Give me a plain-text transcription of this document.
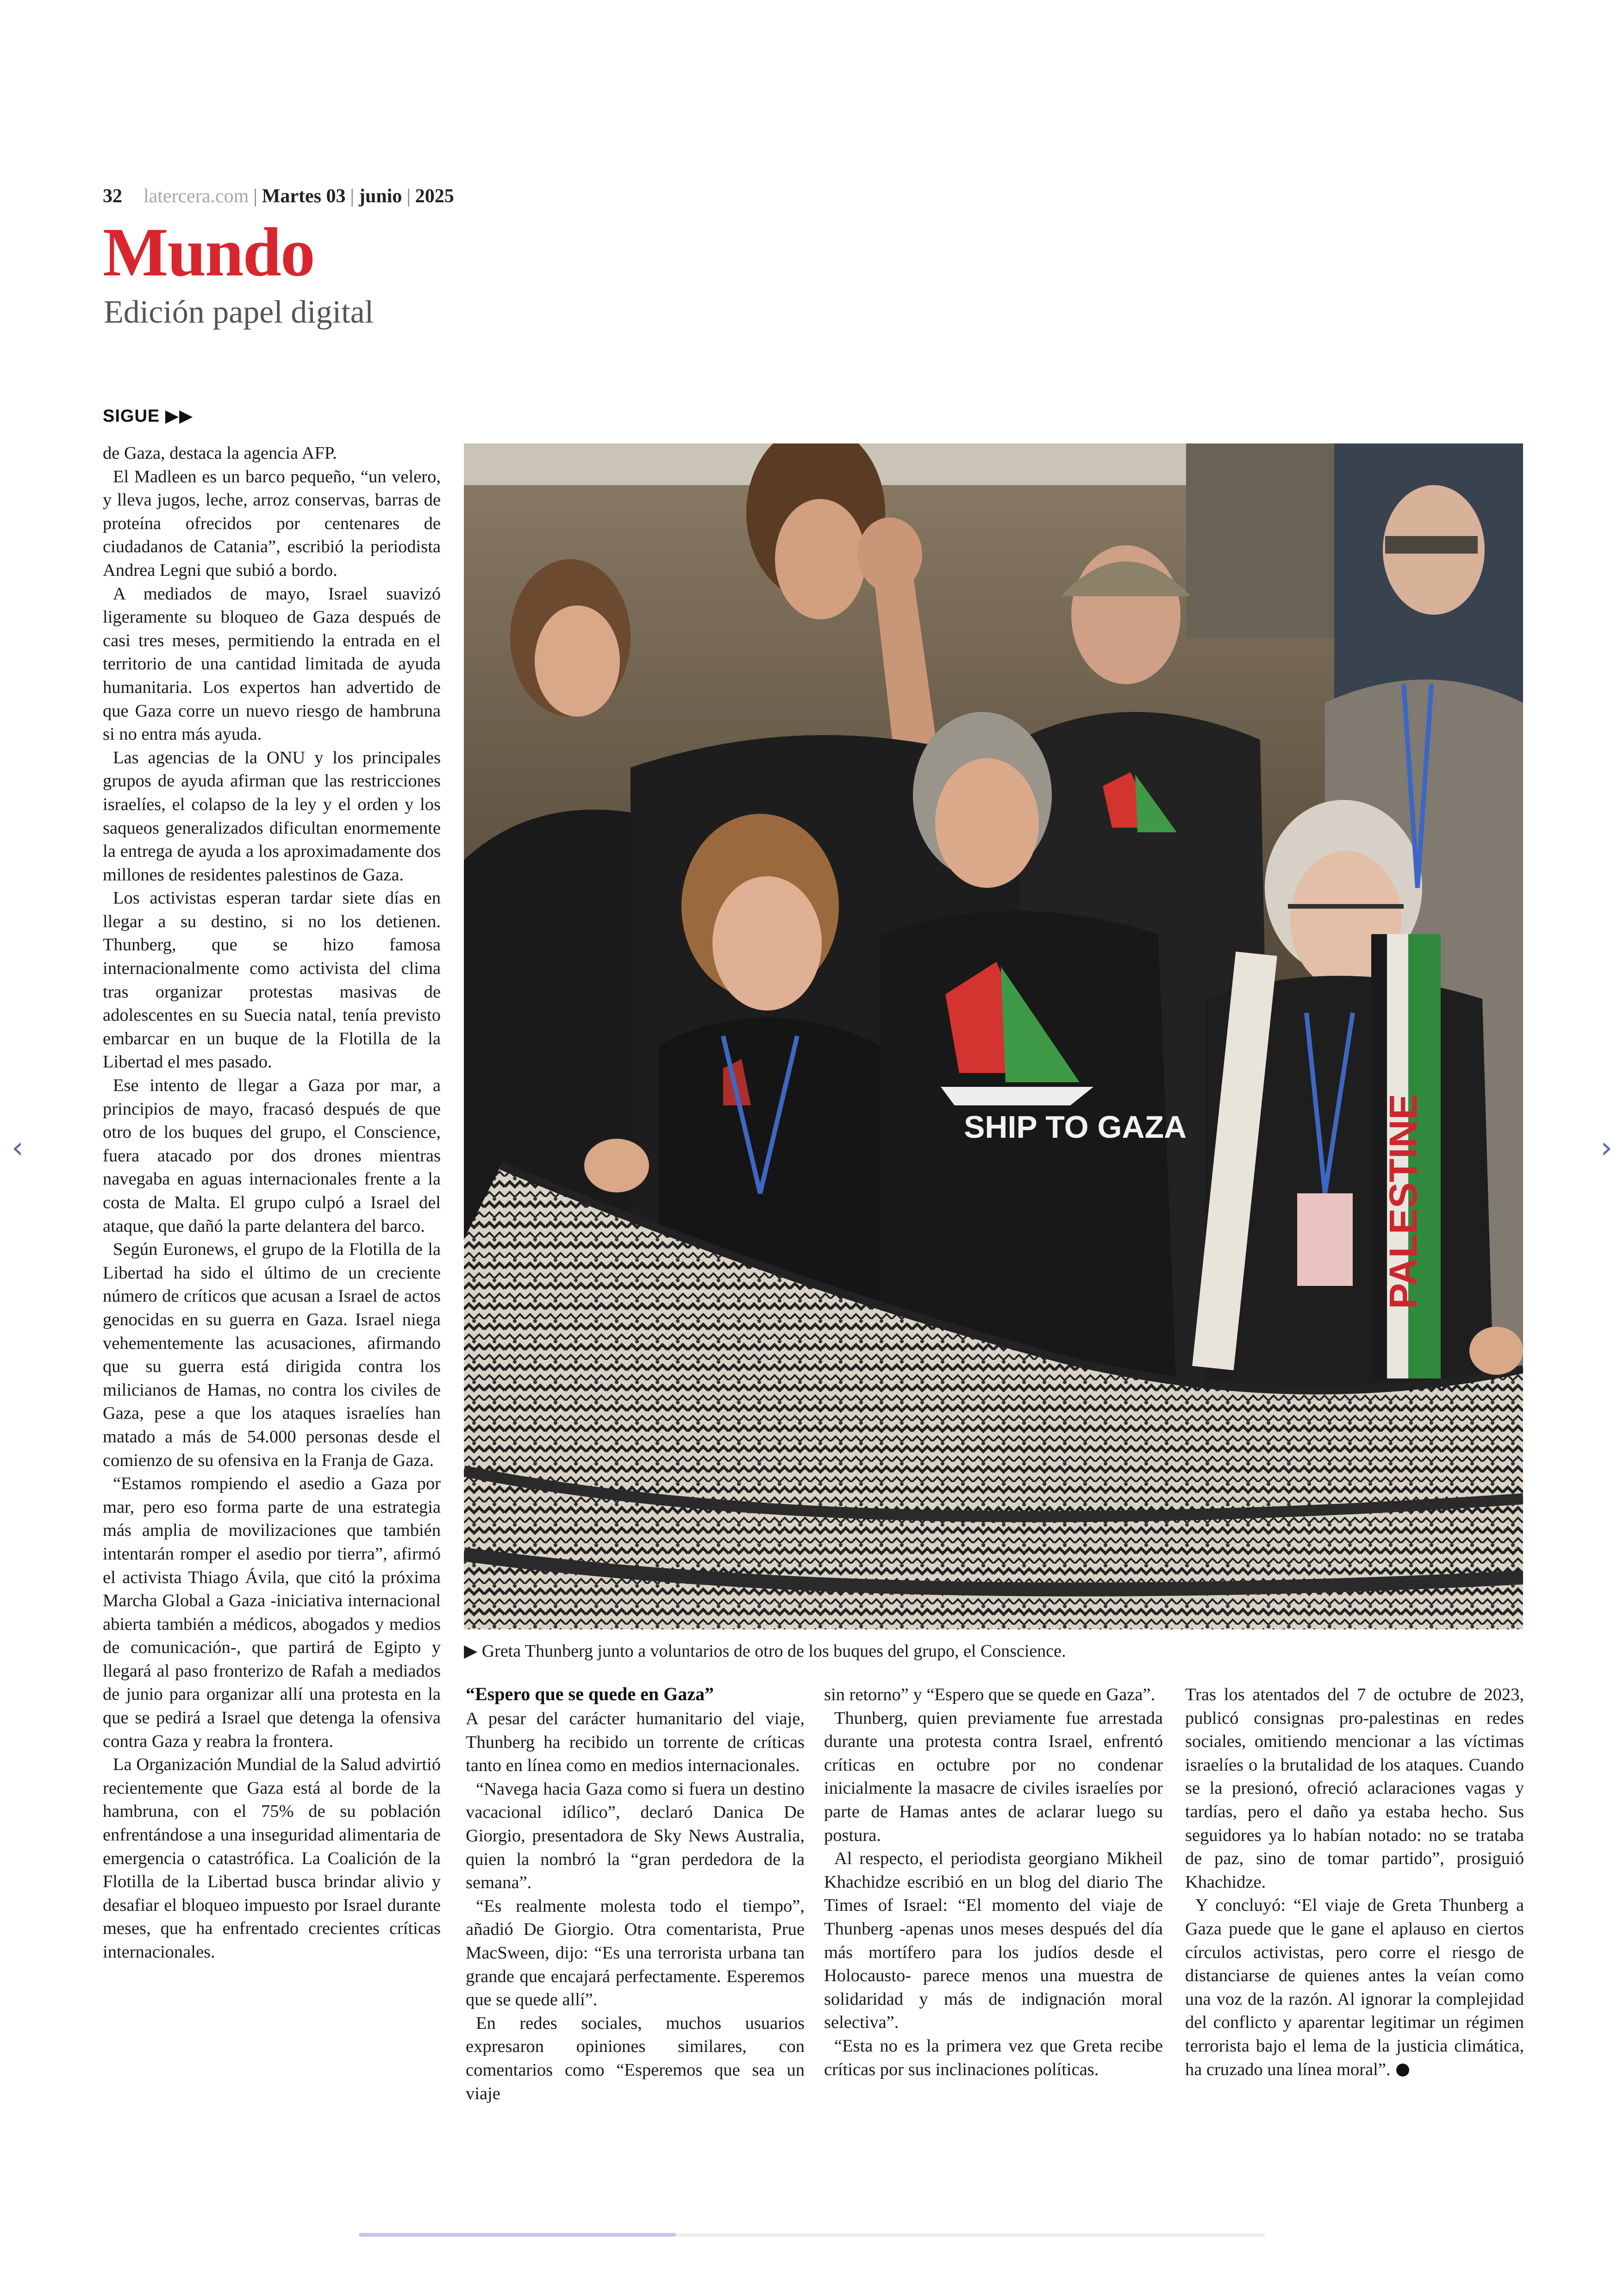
32 latercera.com | Martes 03 | junio | 2025
Mundo
Edición papel digital
SIGUE ▶▶

de Gaza, destaca la agencia AFP.

El Madleen es un barco pequeño, “un velero, y lleva jugos, leche, arroz conservas, barras de proteína ofrecidos por centenares de ciudadanos de Catania”, escribió la periodista Andrea Legni que subió a bordo.

A mediados de mayo, Israel suavizó ligeramente su bloqueo de Gaza después de casi tres meses, permitiendo la entrada en el territorio de una cantidad limitada de ayuda humanitaria. Los expertos han advertido de que Gaza corre un nuevo riesgo de hambruna si no entra más ayuda.

Las agencias de la ONU y los principales grupos de ayuda afirman que las restricciones israelíes, el colapso de la ley y el orden y los saqueos generalizados dificultan enormemente la entrega de ayuda a los aproximadamente dos millones de residentes palestinos de Gaza.

Los activistas esperan tardar siete días en llegar a su destino, si no los detienen. Thunberg, que se hizo famosa internacionalmente como activista del clima tras organizar protestas masivas de adolescentes en su Suecia natal, tenía previsto embarcar en un buque de la Flotilla de la Libertad el mes pasado.

Ese intento de llegar a Gaza por mar, a principios de mayo, fracasó después de que otro de los buques del grupo, el Conscience, fuera atacado por dos drones mientras navegaba en aguas internacionales frente a la costa de Malta. El grupo culpó a Israel del ataque, que dañó la parte delantera del barco.

Según Euronews, el grupo de la Flotilla de la Libertad ha sido el último de un creciente número de críticos que acusan a Israel de actos genocidas en su guerra en Gaza. Israel niega vehementemente las acusaciones, afirmando que su guerra está dirigida contra los milicianos de Hamas, no contra los civiles de Gaza, pese a que los ataques israelíes han matado a más de 54.000 personas desde el comienzo de su ofensiva en la Franja de Gaza.

“Estamos rompiendo el asedio a Gaza por mar, pero eso forma parte de una estrategia más amplia de movilizaciones que también intentarán romper el asedio por tierra”, afirmó el activista Thiago Ávila, que citó la próxima Marcha Global a Gaza -iniciativa internacional abierta también a médicos, abogados y medios de comunicación-, que partirá de Egipto y llegará al paso fronterizo de Rafah a mediados de junio para organizar allí una protesta en la que se pedirá a Israel que detenga la ofensiva contra Gaza y reabra la frontera.

La Organización Mundial de la Salud advirtió recientemente que Gaza está al borde de la hambruna, con el 75% de su población enfrentándose a una inseguridad alimentaria de emergencia o catastrófica. La Coalición de la Flotilla de la Libertad busca brindar alivio y desafiar el bloqueo impuesto por Israel durante meses, que ha enfrentado crecientes críticas internacionales.

SHIP TO GAZA	PALESTINE
▶ Greta Thunberg junto a voluntarios de otro de los buques del grupo, el Conscience.
“Espero que se quede en Gaza”

A pesar del carácter humanitario del viaje, Thunberg ha recibido un torrente de críticas tanto en línea como en medios internacionales.

“Navega hacia Gaza como si fuera un destino vacacional idílico”, declaró Danica De Giorgio, presentadora de Sky News Australia, quien la nombró la “gran perdedora de la semana”.

“Es realmente molesta todo el tiempo”, añadió De Giorgio. Otra comentarista, Prue MacSween, dijo: “Es una terrorista urbana tan grande que encajará perfectamente. Esperemos que se quede allí”.

En redes sociales, muchos usuarios expresaron opiniones similares, con comentarios como “Esperemos que sea un viaje

sin retorno” y “Espero que se quede en Gaza”.

Thunberg, quien previamente fue arrestada durante una protesta contra Israel, enfrentó críticas en octubre por no condenar inicialmente la masacre de civiles israelíes por parte de Hamas antes de aclarar luego su postura.

Al respecto, el periodista georgiano Mikheil Khachidze escribió en un blog del diario The Times of Israel: “El momento del viaje de Thunberg -apenas unos meses después del día más mortífero para los judíos desde el Holocausto- parece menos una muestra de solidaridad y más de indignación moral selectiva”.

“Esta no es la primera vez que Greta recibe críticas por sus inclinaciones políticas.

Tras los atentados del 7 de octubre de 2023, publicó consignas pro-palestinas en redes sociales, omitiendo mencionar a las víctimas israelíes o la brutalidad de los ataques. Cuando se la presionó, ofreció aclaraciones vagas y tardías, pero el daño ya estaba hecho. Sus seguidores ya lo habían notado: no se trataba de paz, sino de tomar partido”, prosiguió Khachidze.

Y concluyó: “El viaje de Greta Thunberg a Gaza puede que le gane el aplauso en ciertos círculos activistas, pero corre el riesgo de distanciarse de quienes antes la veían como una voz de la razón. Al ignorar la complejidad del conflicto y aparentar legitimar un régimen terrorista bajo el lema de la justicia climática, ha cruzado una línea moral”.

‹	›
